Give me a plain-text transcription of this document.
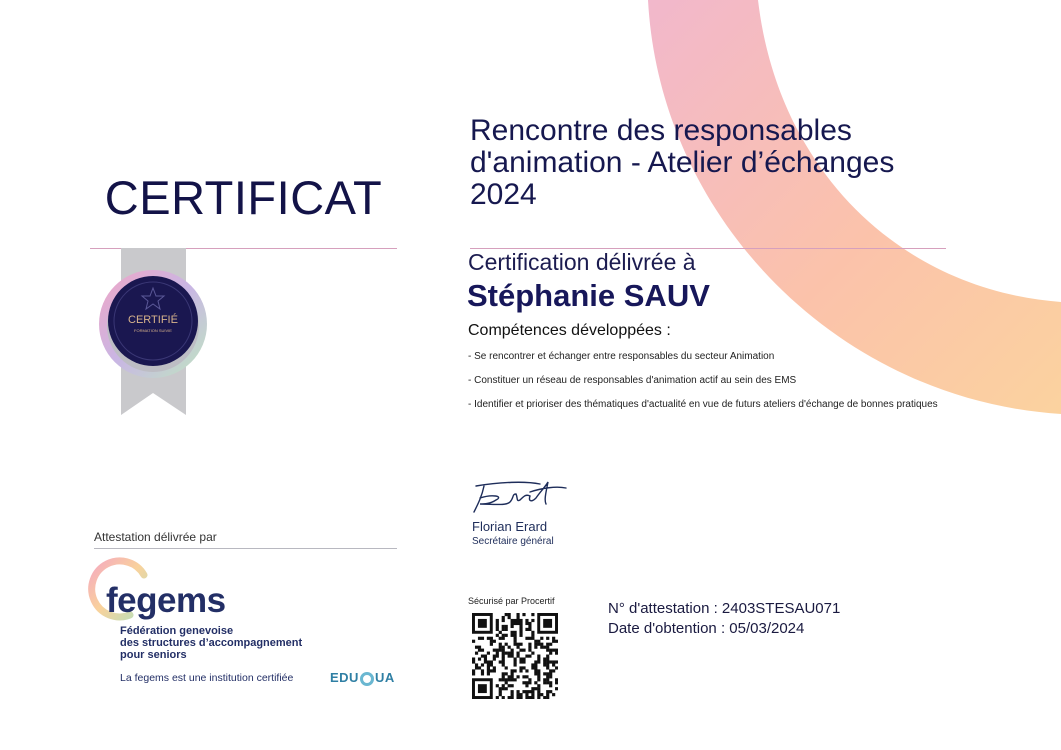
CERTIFICAT
CERTIFIÉ
FORMATION SUIVIE
Rencontre des responsables
d'animation - Atelier d’échanges
2024
Certification délivrée à
Stéphanie SAUV
Compétences développées :
- Se rencontrer et échanger entre responsables du secteur Animation
- Constituer un réseau de responsables d'animation actif au sein des EMS
- Identifier et prioriser des thématiques d'actualité en vue de futurs ateliers d'échange de bonnes pratiques
Florian Erard
Secrétaire général
Sécurisé par Procertif	N° d'attestation : 2403STESAU071
Date d'obtention : 05/03/2024
Attestation délivrée par
fegems
Fédération genevoise
des structures d’accompagnement
pour seniors
La fegems est une institution certifiée	EDU UA
